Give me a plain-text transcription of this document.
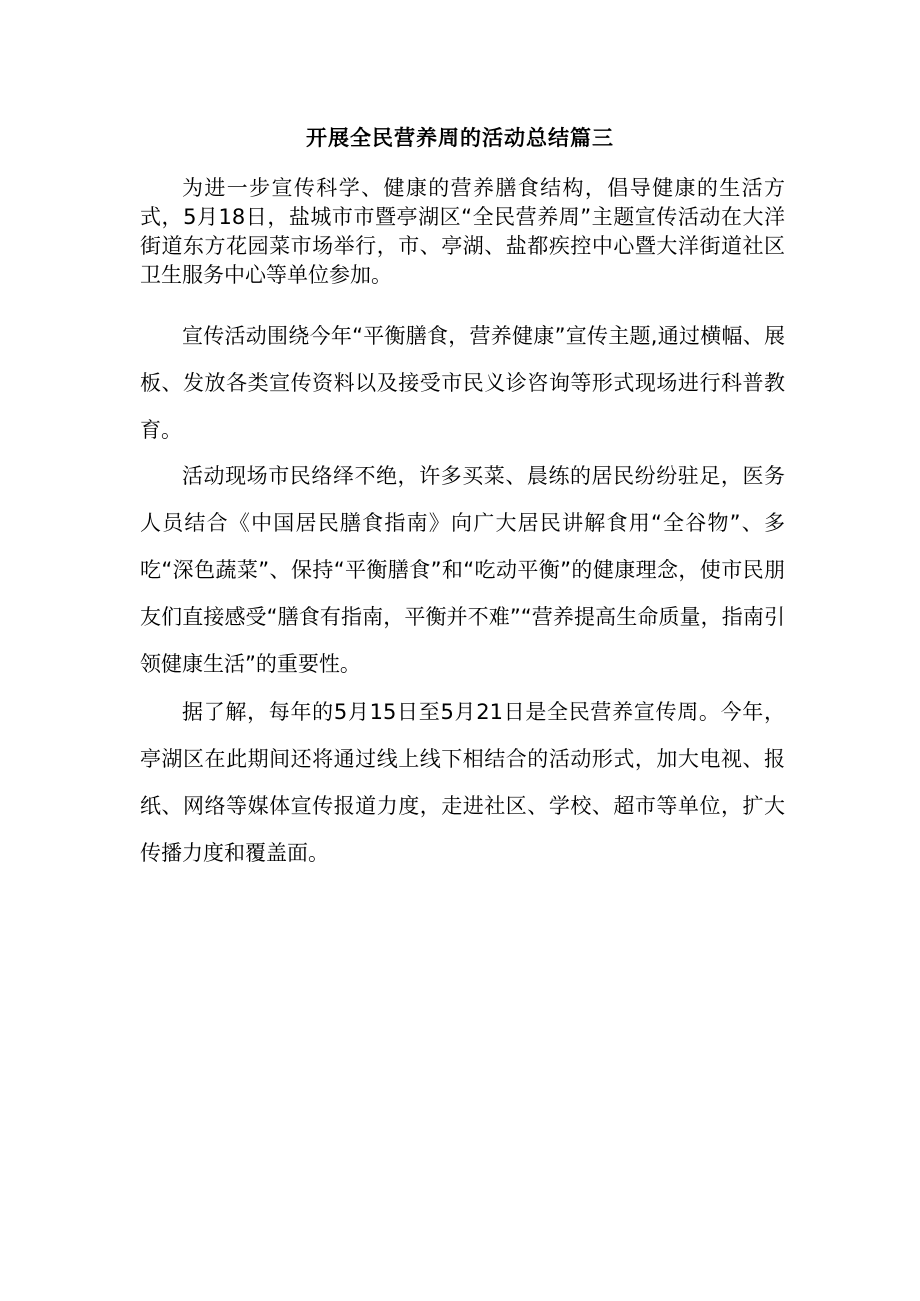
开展全民营养周的活动总结篇三

为进一步宣传科学、健康的营养膳食结构，倡导健康的生活方式，5月18日，盐城市市暨亭湖区“全民营养周”主题宣传活动在大洋街道东方花园菜市场举行，市、亭湖、盐都疾控中心暨大洋街道社区卫生服务中心等单位参加。

宣传活动围绕今年“平衡膳食，营养健康”宣传主题,通过横幅、展板、发放各类宣传资料以及接受市民义诊咨询等形式现场进行科普教育。

活动现场市民络绎不绝，许多买菜、晨练的居民纷纷驻足，医务人员结合《中国居民膳食指南》向广大居民讲解食用“全谷物”、多吃“深色蔬菜”、保持“平衡膳食”和“吃动平衡”的健康理念，使市民朋友们直接感受“膳食有指南，平衡并不难”“营养提高生命质量，指南引领健康生活”的重要性。

据了解，每年的5月15日至5月21日是全民营养宣传周。今年，亭湖区在此期间还将通过线上线下相结合的活动形式，加大电视、报纸、网络等媒体宣传报道力度，走进社区、学校、超市等单位，扩大传播力度和覆盖面。
